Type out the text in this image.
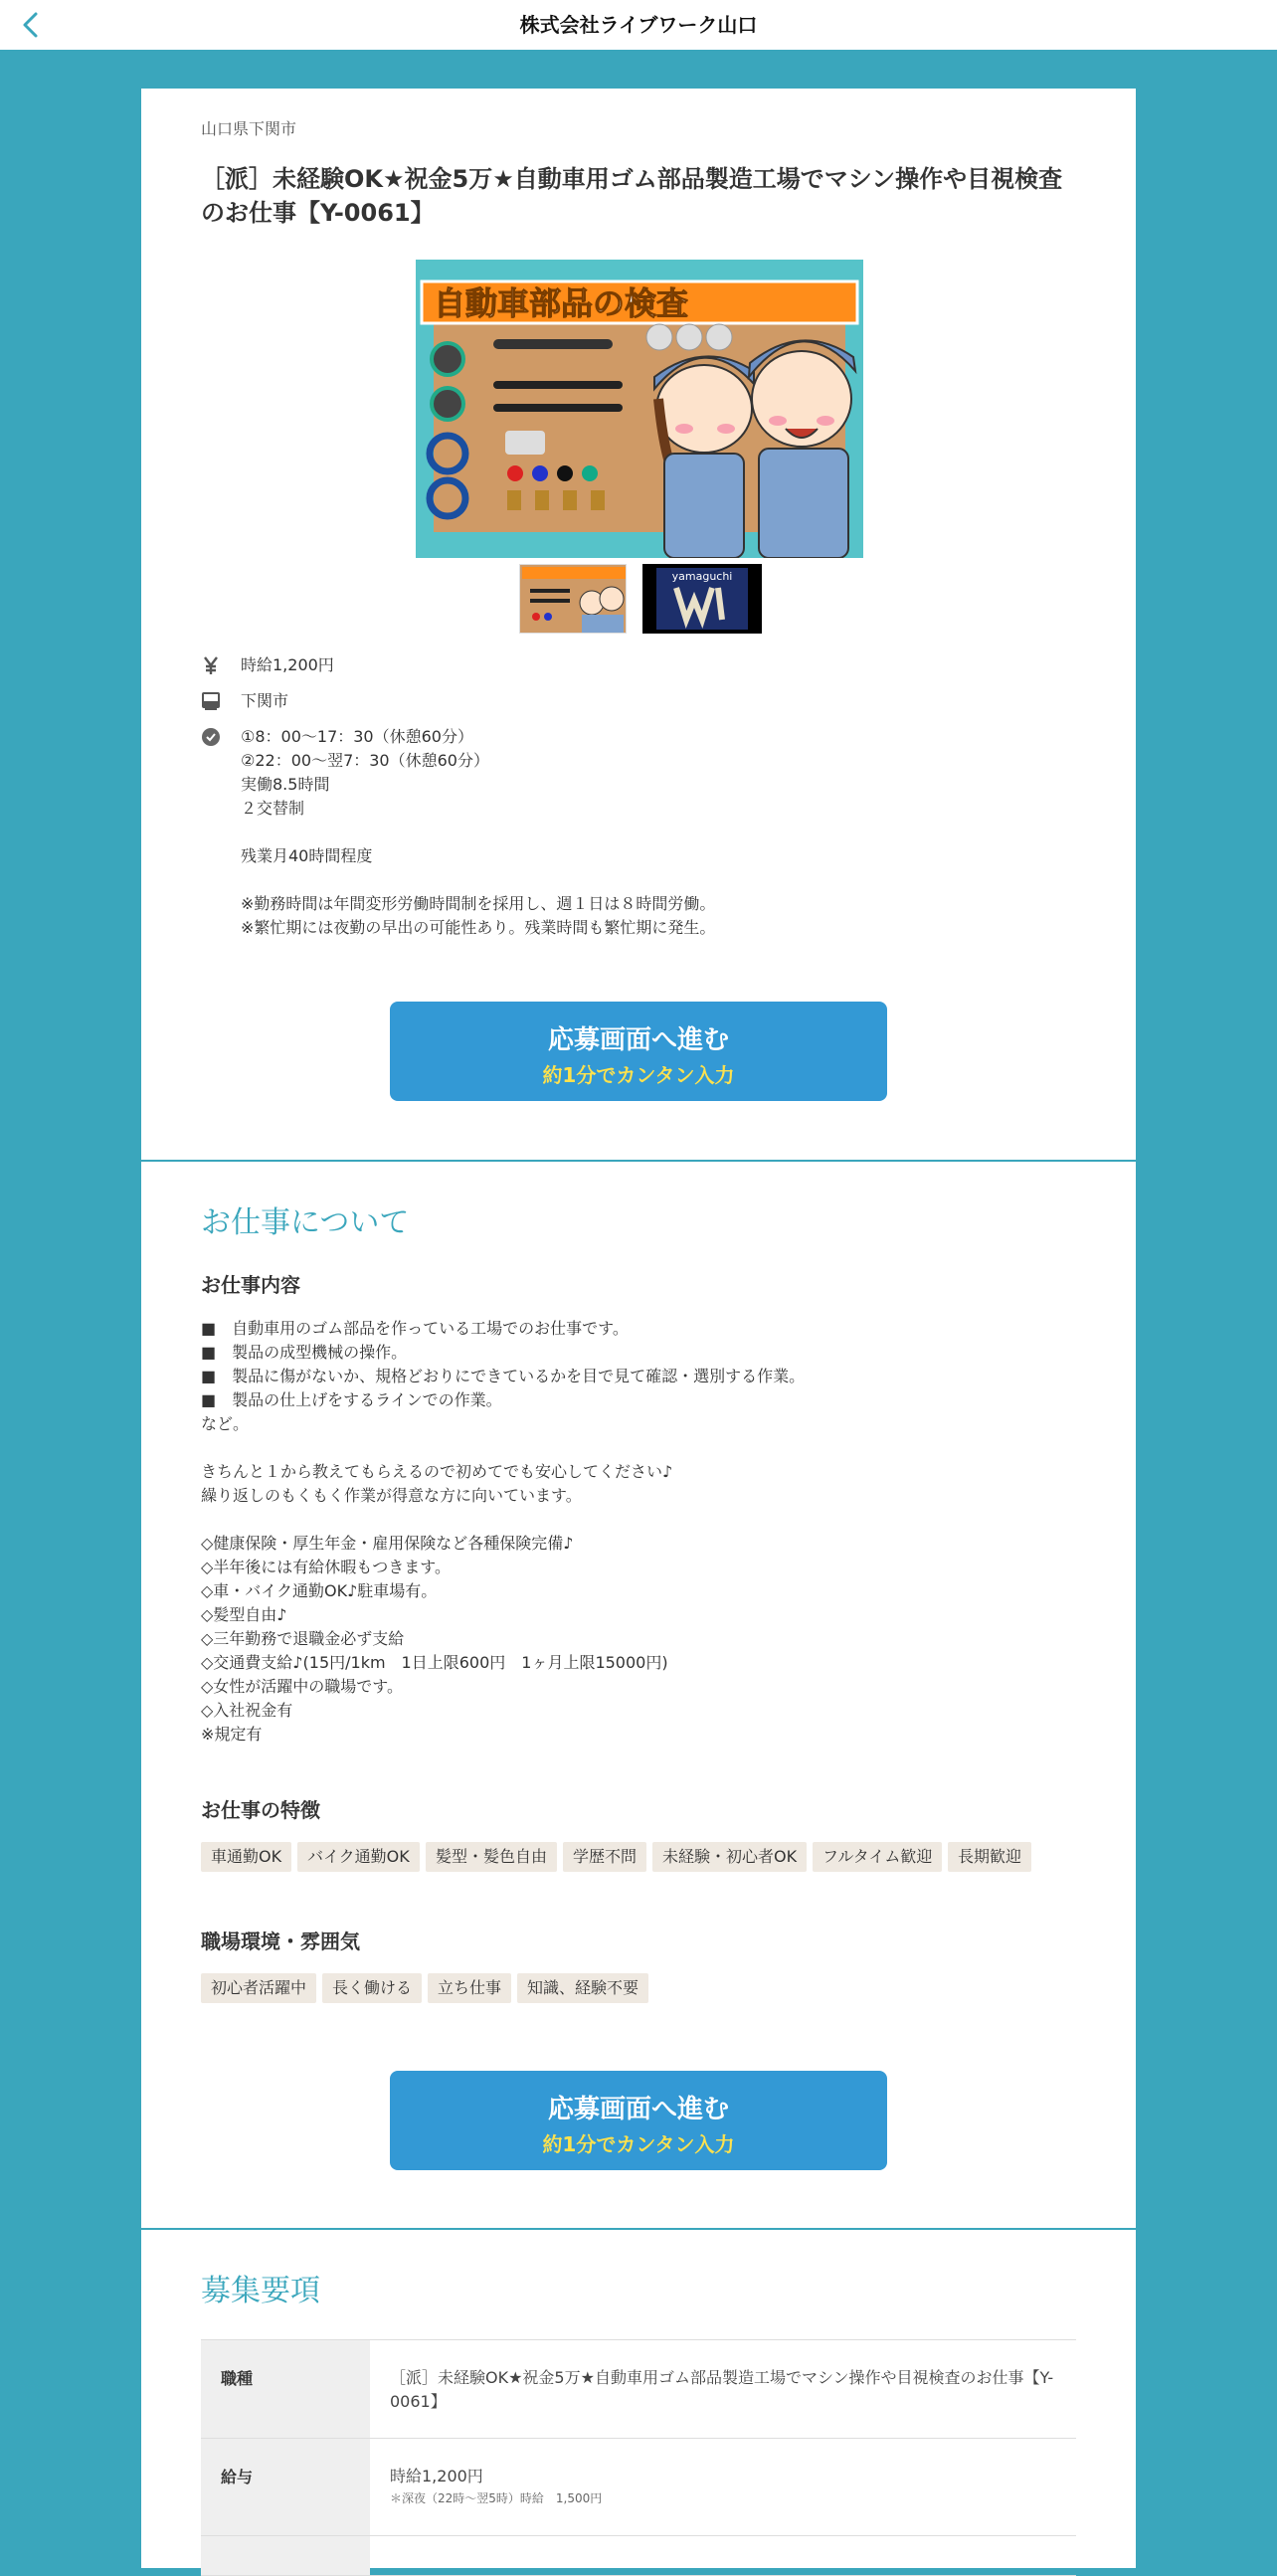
株式会社ライブワーク山口
山口県下関市
［派］未経験OK★祝金5万★自動車用ゴム部品製造工場でマシン操作や目視検査のお仕事【Y-0061】
自動車部品の検査
yamaguchi
時給1,200円
下関市
①8：00～17：30（休憩60分）
②22：00～翌7：30（休憩60分）
実働8.5時間
２交替制
残業月40時間程度
※勤務時間は年間変形労働時間制を採用し、週１日は８時間労働。
※繁忙期には夜勤の早出の可能性あり。残業時間も繁忙期に発生。
応募画面へ進む
約1分でカンタン入力
お仕事について
お仕事内容
■　自動車用のゴム部品を作っている工場でのお仕事です。
■　製品の成型機械の操作。
■　製品に傷がないか、規格どおりにできているかを目で見て確認・選別する作業。
■　製品の仕上げをするラインでの作業。
など。
きちんと１から教えてもらえるので初めてでも安心してください♪
繰り返しのもくもく作業が得意な方に向いています。
◇健康保険・厚生年金・雇用保険など各種保険完備♪
◇半年後には有給休暇もつきます。
◇車・バイク通勤OK♪駐車場有。
◇髪型自由♪
◇三年勤務で退職金必ず支給
◇交通費支給♪(15円/1km　1日上限600円　1ヶ月上限15000円)
◇女性が活躍中の職場です。
◇入社祝金有
※規定有
お仕事の特徴
車通勤OK	バイク通勤OK	髪型・髪色自由	学歴不問	未経験・初心者OK	フルタイム歓迎	長期歓迎
職場環境・雰囲気
初心者活躍中	長く働ける	立ち仕事	知識、経験不要
応募画面へ進む
約1分でカンタン入力
募集要項
職種	［派］未経験OK★祝金5万★自動車用ゴム部品製造工場でマシン操作や目視検査のお仕事【Y-0061】
給与	時給1,200円
＊深夜（22時～翌5時）時給　1,500円
